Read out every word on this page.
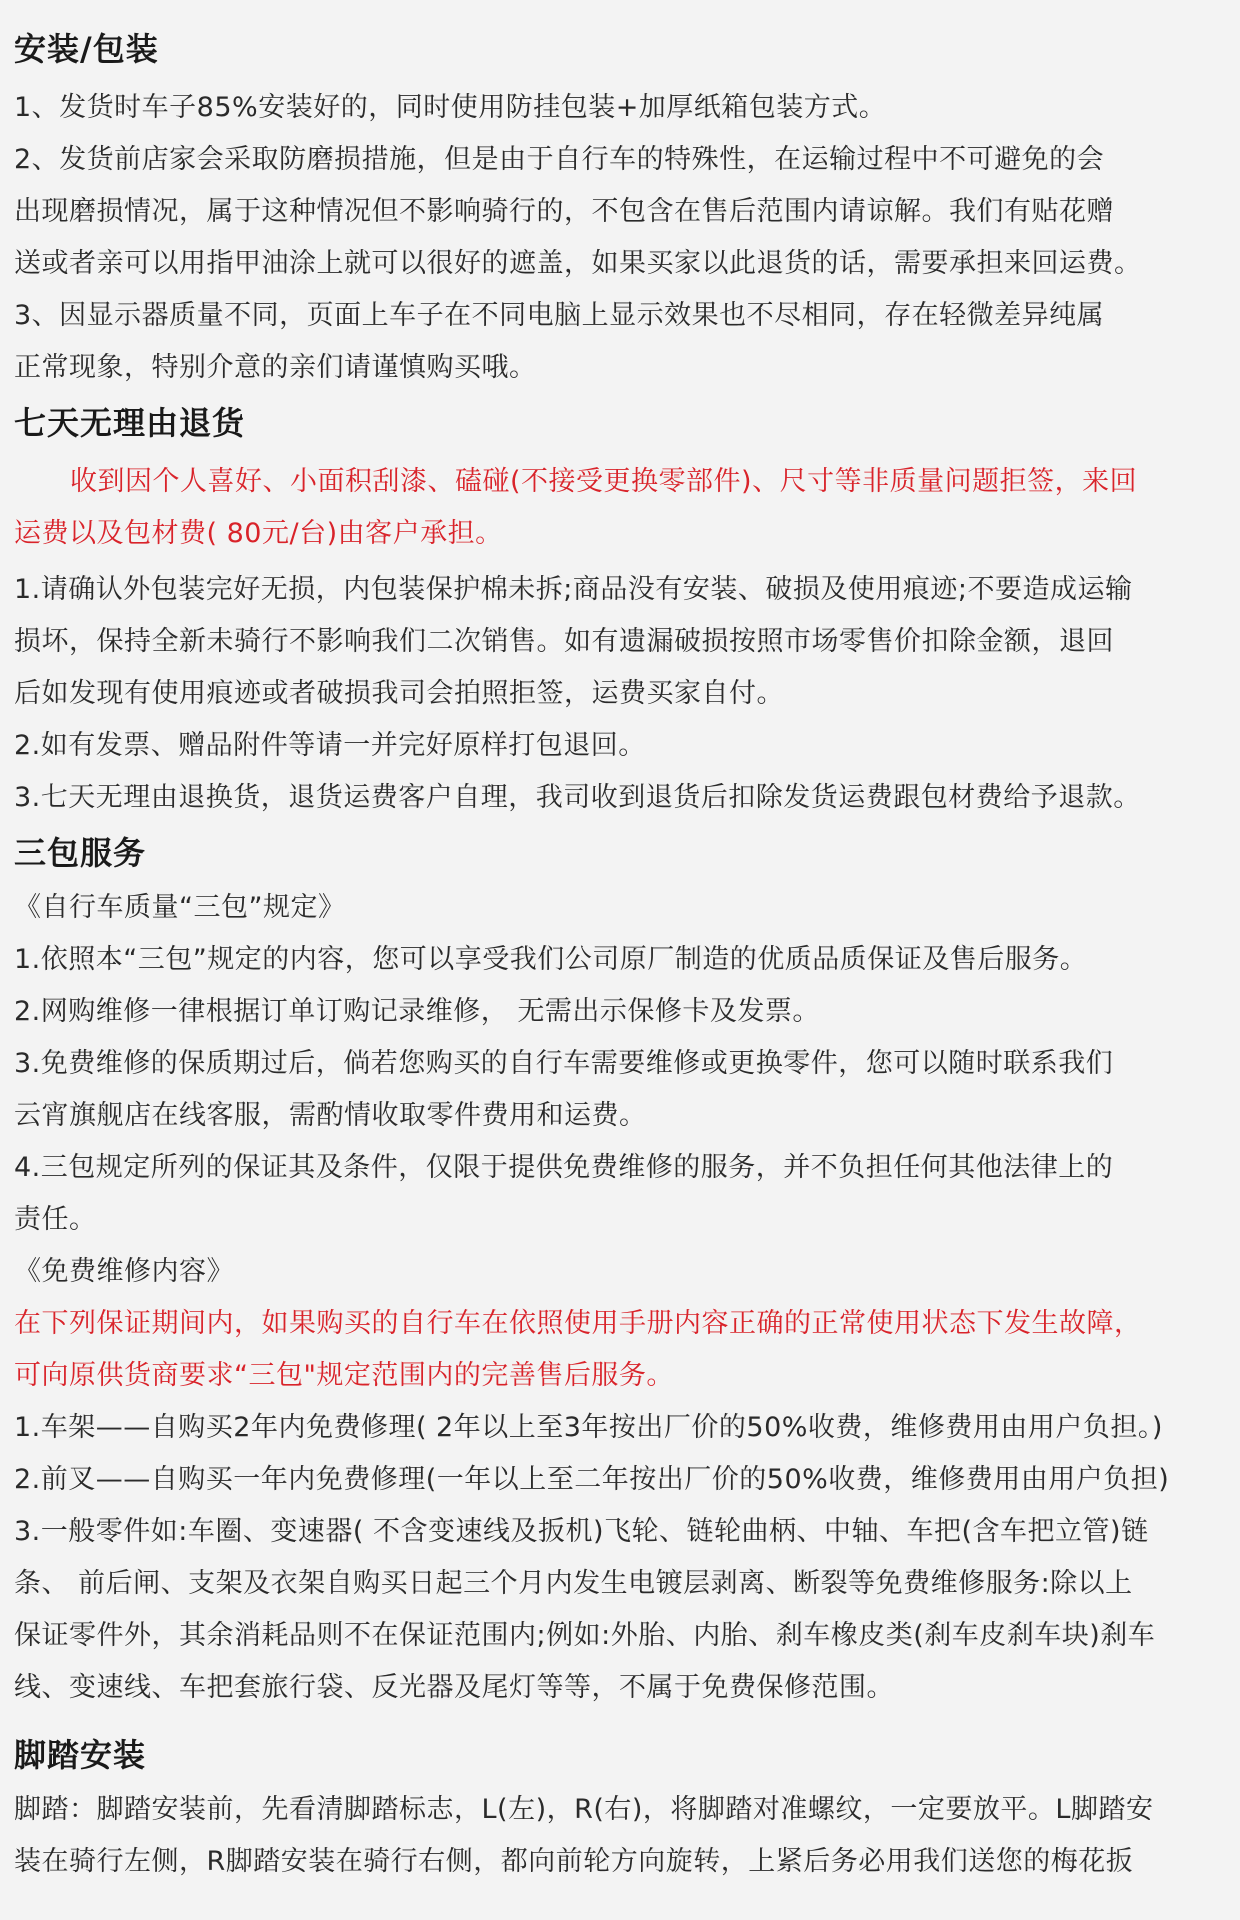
安装/包装
1、发货时车子85%安装好的，同时使用防挂包装+加厚纸箱包装方式。
2、发货前店家会采取防磨损措施，但是由于自行车的特殊性，在运输过程中不可避免的会
出现磨损情况，属于这种情况但不影响骑行的，不包含在售后范围内请谅解。我们有贴花赠
送或者亲可以用指甲油涂上就可以很好的遮盖，如果买家以此退货的话，需要承担来回运费。
3、因显示器质量不同，页面上车子在不同电脑上显示效果也不尽相同，存在轻微差异纯属
正常现象，特别介意的亲们请谨慎购买哦。
七天无理由退货
收到因个人喜好、小面积刮漆、磕碰(不接受更换零部件)、尺寸等非质量问题拒签，来回
运费以及包材费( 80元/台)由客户承担。
1.请确认外包装完好无损，内包装保护棉未拆;商品没有安装、破损及使用痕迹;不要造成运输
损坏，保持全新未骑行不影响我们二次销售。如有遗漏破损按照市场零售价扣除金额，退回
后如发现有使用痕迹或者破损我司会拍照拒签，运费买家自付。
2.如有发票、赠品附件等请一并完好原样打包退回。
3.七天无理由退换货，退货运费客户自理，我司收到退货后扣除发货运费跟包材费给予退款。
三包服务
《自行车质量“三包”规定》
1.依照本“三包”规定的内容，您可以享受我们公司原厂制造的优质品质保证及售后服务。
2.网购维修一律根据订单订购记录维修， 无需出示保修卡及发票。
3.免费维修的保质期过后，倘若您购买的自行车需要维修或更换零件，您可以随时联系我们
云宵旗舰店在线客服，需酌情收取零件费用和运费。
4.三包规定所列的保证其及条件，仅限于提供免费维修的服务，并不负担任何其他法律上的
责任。
《免费维修内容》
在下列保证期间内，如果购买的自行车在依照使用手册内容正确的正常使用状态下发生故障，
可向原供货商要求“三包"规定范围内的完善售后服务。
1.车架——自购买2年内免费修理( 2年以上至3年按出厂价的50%收费，维修费用由用户负担。)
2.前叉——自购买一年内免费修理(一年以上至二年按出厂价的50%收费，维修费用由用户负担)
3.一般零件如:车圈、变速器( 不含变速线及扳机)飞轮、链轮曲柄、中轴、车把(含车把立管)链
条、 前后闸、支架及衣架自购买日起三个月内发生电镀层剥离、断裂等免费维修服务:除以上
保证零件外，其余消耗品则不在保证范围内;例如:外胎、内胎、刹车橡皮类(刹车皮刹车块)刹车
线、变速线、车把套旅行袋、反光器及尾灯等等，不属于免费保修范围。
脚踏安装
脚踏：脚踏安装前，先看清脚踏标志，L(左)，R(右)，将脚踏对准螺纹，一定要放平。L脚踏安
装在骑行左侧，R脚踏安装在骑行右侧，都向前轮方向旋转，上紧后务必用我们送您的梅花扳
